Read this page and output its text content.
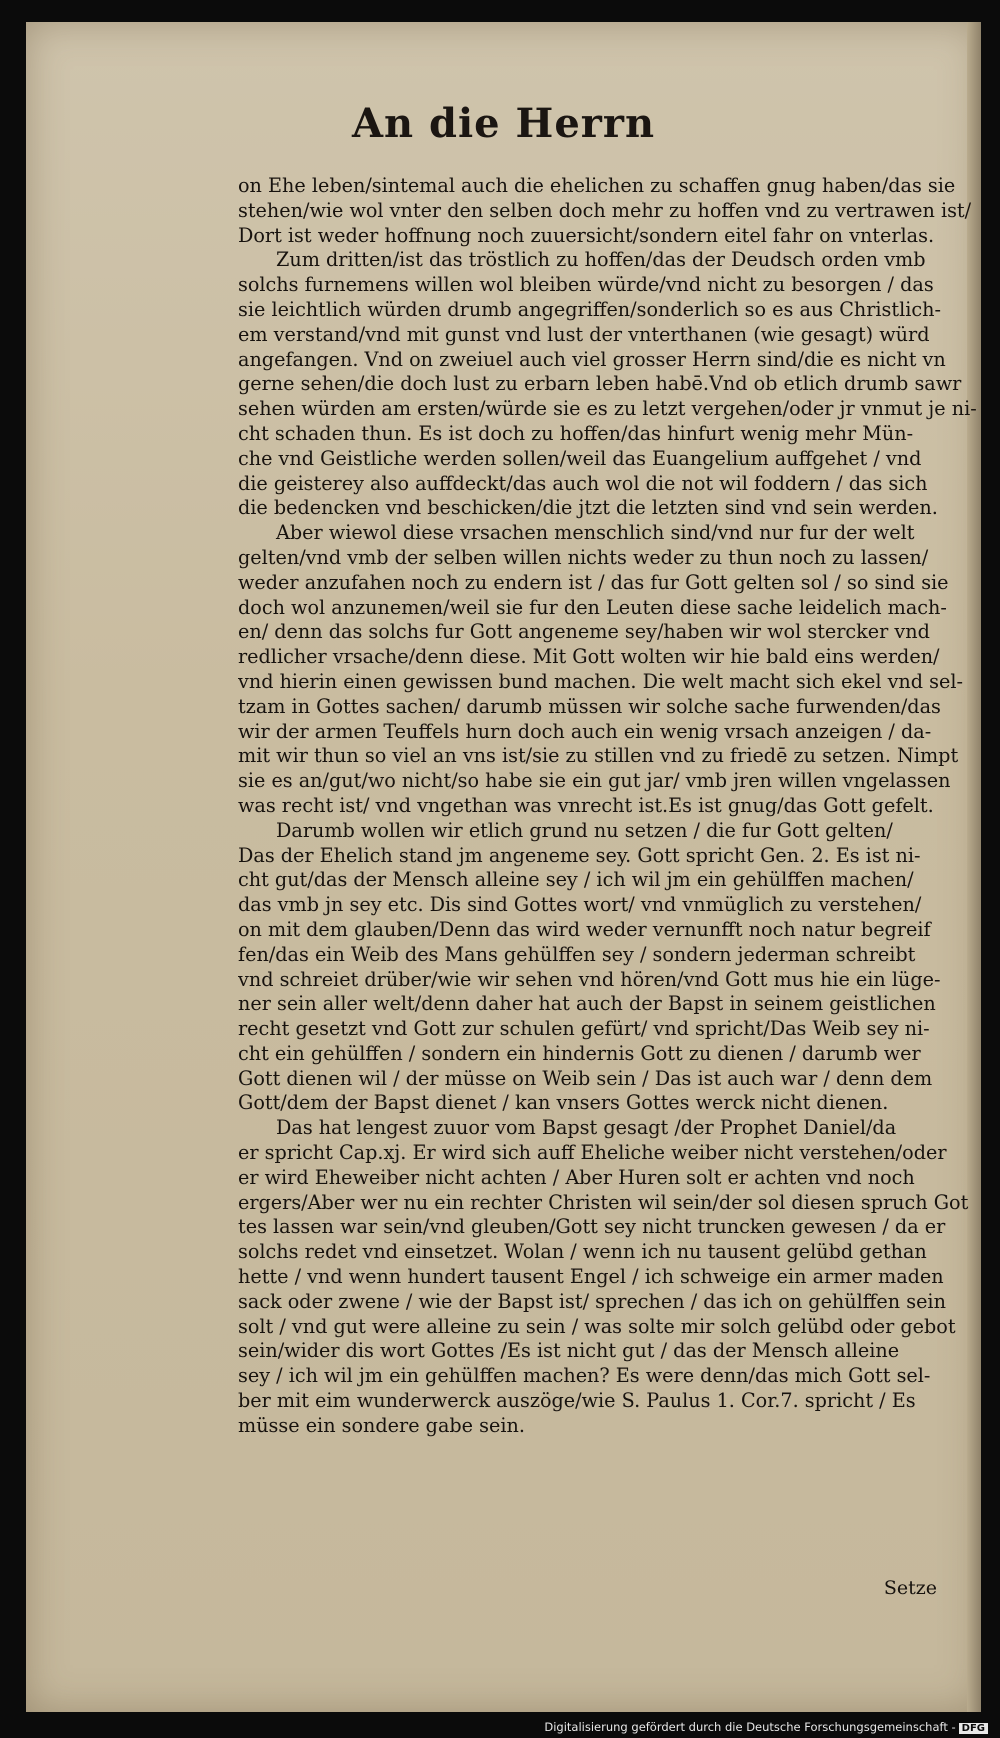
An die Herrn
on Ehe leben/sintemal auch die ehelichen zu schaffen gnug haben/das sie
stehen/wie wol vnter den selben doch mehr zu hoffen vnd zu vertrawen ist/
Dort ist weder hoffnung noch zuuersicht/sondern eitel fahr on vnterlas.
Zum dritten/ist das tröstlich zu hoffen/das der Deudsch orden vmb
solchs furnemens willen wol bleiben würde/vnd nicht zu besorgen / das
sie leichtlich würden drumb angegriffen/sonderlich so es aus Christlich-
em verstand/vnd mit gunst vnd lust der vnterthanen (wie gesagt) würd
angefangen. Vnd on zweiuel auch viel grosser Herrn sind/die es nicht vn
gerne sehen/die doch lust zu erbarn leben habē.Vnd ob etlich drumb sawr
sehen würden am ersten/würde sie es zu letzt vergehen/oder jr vnmut je ni-
cht schaden thun. Es ist doch zu hoffen/das hinfurt wenig mehr Mün-
che vnd Geistliche werden sollen/weil das Euangelium auffgehet / vnd
die geisterey also auffdeckt/das auch wol die not wil foddern / das sich
die bedencken vnd beschicken/die jtzt die letzten sind vnd sein werden.
Aber wiewol diese vrsachen menschlich sind/vnd nur fur der welt
gelten/vnd vmb der selben willen nichts weder zu thun noch zu lassen/
weder anzufahen noch zu endern ist / das fur Gott gelten sol / so sind sie
doch wol anzunemen/weil sie fur den Leuten diese sache leidelich mach-
en/ denn das solchs fur Gott angeneme sey/haben wir wol stercker vnd
redlicher vrsache/denn diese. Mit Gott wolten wir hie bald eins werden/
vnd hierin einen gewissen bund machen. Die welt macht sich ekel vnd sel-
tzam in Gottes sachen/ darumb müssen wir solche sache furwenden/das
wir der armen Teuffels hurn doch auch ein wenig vrsach anzeigen / da-
mit wir thun so viel an vns ist/sie zu stillen vnd zu friedē zu setzen. Nimpt
sie es an/gut/wo nicht/so habe sie ein gut jar/ vmb jren willen vngelassen
was recht ist/ vnd vngethan was vnrecht ist.Es ist gnug/das Gott gefelt.
Darumb wollen wir etlich grund nu setzen / die fur Gott gelten/
Das der Ehelich stand jm angeneme sey. Gott spricht Gen. 2. Es ist ni-
cht gut/das der Mensch alleine sey / ich wil jm ein gehülffen machen/
das vmb jn sey etc. Dis sind Gottes wort/ vnd vnmüglich zu verstehen/
on mit dem glauben/Denn das wird weder vernunfft noch natur begreif
fen/das ein Weib des Mans gehülffen sey / sondern jederman schreibt
vnd schreiet drüber/wie wir sehen vnd hören/vnd Gott mus hie ein lüge-
ner sein aller welt/denn daher hat auch der Bapst in seinem geistlichen
recht gesetzt vnd Gott zur schulen gefürt/ vnd spricht/Das Weib sey ni-
cht ein gehülffen / sondern ein hindernis Gott zu dienen / darumb wer
Gott dienen wil / der müsse on Weib sein / Das ist auch war / denn dem
Gott/dem der Bapst dienet / kan vnsers Gottes werck nicht dienen.
Das hat lengest zuuor vom Bapst gesagt /der Prophet Daniel/da
er spricht Cap.xj. Er wird sich auff Eheliche weiber nicht verstehen/oder
er wird Eheweiber nicht achten / Aber Huren solt er achten vnd noch
ergers/Aber wer nu ein rechter Christen wil sein/der sol diesen spruch Got
tes lassen war sein/vnd gleuben/Gott sey nicht truncken gewesen / da er
solchs redet vnd einsetzet. Wolan / wenn ich nu tausent gelübd gethan
hette / vnd wenn hundert tausent Engel / ich schweige ein armer maden
sack oder zwene / wie der Bapst ist/ sprechen / das ich on gehülffen sein
solt / vnd gut were alleine zu sein / was solte mir solch gelübd oder gebot
sein/wider dis wort Gottes /Es ist nicht gut / das der Mensch alleine
sey / ich wil jm ein gehülffen machen? Es were denn/das mich Gott sel-
ber mit eim wunderwerck auszöge/wie S. Paulus 1. Cor.7. spricht / Es
müsse ein sondere gabe sein.
Setze
Digitalisierung gefördert durch die Deutsche Forschungsgemeinschaft - DFG
